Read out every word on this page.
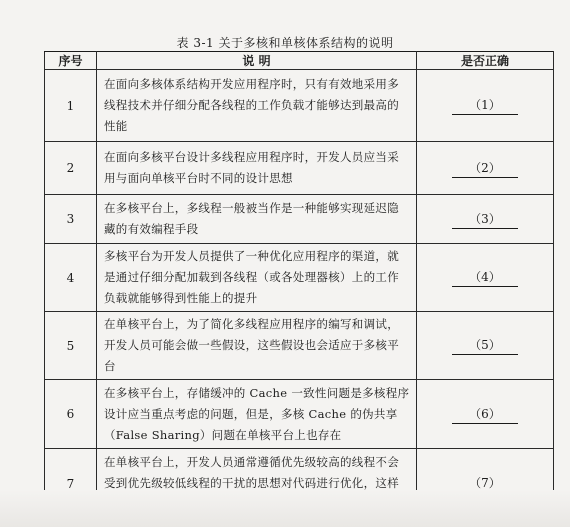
表 3-1 关于多核和单核体系结构的说明
序号	说 明	是否正确
1	在面向多核体系结构开发应用程序时，只有有效地采用多线程技术并仔细分配各线程的工作负载才能够达到最高的性能	（1）
2	在面向多核平台设计多线程应用程序时，开发人员应当采用与面向单核平台时不同的设计思想	（2）
3	在多核平台上，多线程一般被当作是一种能够实现延迟隐藏的有效编程手段	（3）
4	多核平台为开发人员提供了一种优化应用程序的渠道，就是通过仔细分配加载到各线程（或各处理器核）上的工作负载就能够得到性能上的提升	（4）
5	在单核平台上，为了简化多线程应用程序的编写和调试，开发人员可能会做一些假设，这些假设也会适应于多核平台	（5）
6	在多核平台上，存储缓冲的 Cache 一致性问题是多核程序设计应当重点考虑的问题，但是，多核 Cache 的伪共享（False Sharing）问题在单核平台上也存在	（6）
7	在单核平台上，开发人员通常遵循优先级较高的线程不会受到优先级较低线程的干扰的思想对代码进行优化，这样	（7）
